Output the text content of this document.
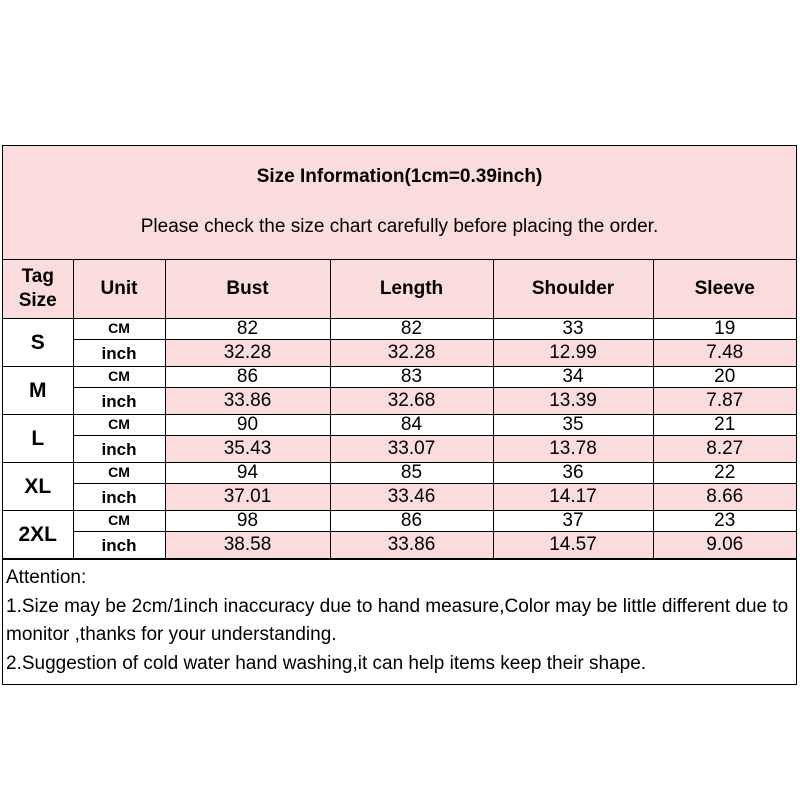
Size Information(1cm=0.39inch)
Please check the size chart carefully before placing the order.
Tag
Size	Unit	Bust	Length	Shoulder	Sleeve
S	CM	82	82	33	19
	inch	32.28	32.28	12.99	7.48
M	CM	86	83	34	20
	inch	33.86	32.68	13.39	7.87
L	CM	90	84	35	21
	inch	35.43	33.07	13.78	8.27
XL	CM	94	85	36	22
	inch	37.01	33.46	14.17	8.66
2XL	CM	98	86	37	23
	inch	38.58	33.86	14.57	9.06
Attention:
1.Size may be 2cm/1inch inaccuracy due to hand measure,Color may be little different due to monitor ,thanks for your understanding.
2.Suggestion of cold water hand washing,it can help items keep their shape.
